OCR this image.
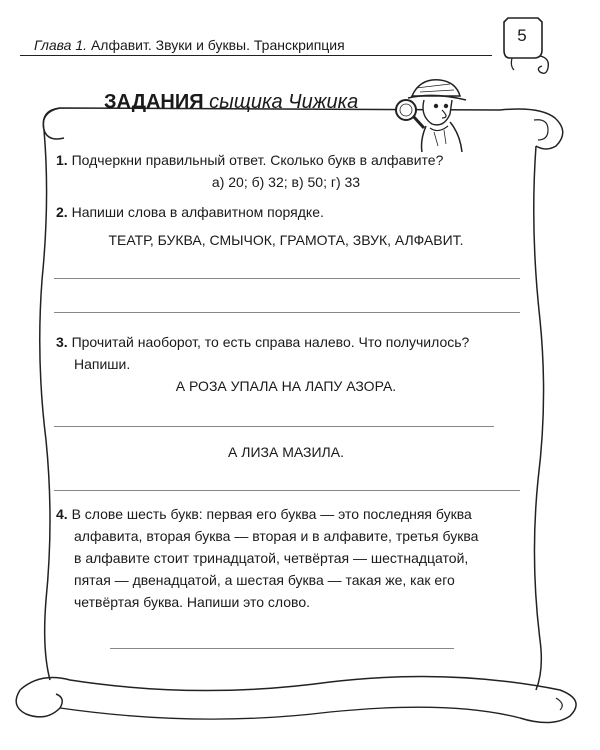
Глава 1. Алфавит. Звуки и буквы. Транскрипция	5
ЗАДАНИЯ сыщика Чижика
1. Подчеркни правильный ответ. Сколько букв в алфавите?
а) 20; б) 32; в) 50; г) 33
2. Напиши слова в алфавитном порядке.
ТЕАТР, БУКВА, СМЫЧОК, ГРАМОТА, ЗВУК, АЛФАВИТ.
3. Прочитай наоборот, то есть справа налево. Что получилось?
Напиши.
А РОЗА УПАЛА НА ЛАПУ АЗОРА.
А ЛИЗА МАЗИЛА.
4. В слове шесть букв: первая его буква — это последняя буква
алфавита, вторая буква — вторая и в алфавите, третья буква
в алфавите стоит тринадцатой, четвёртая — шестнадцатой,
пятая — двенадцатой, а шестая буква — такая же, как его
четвёртая буква. Напиши это слово.
